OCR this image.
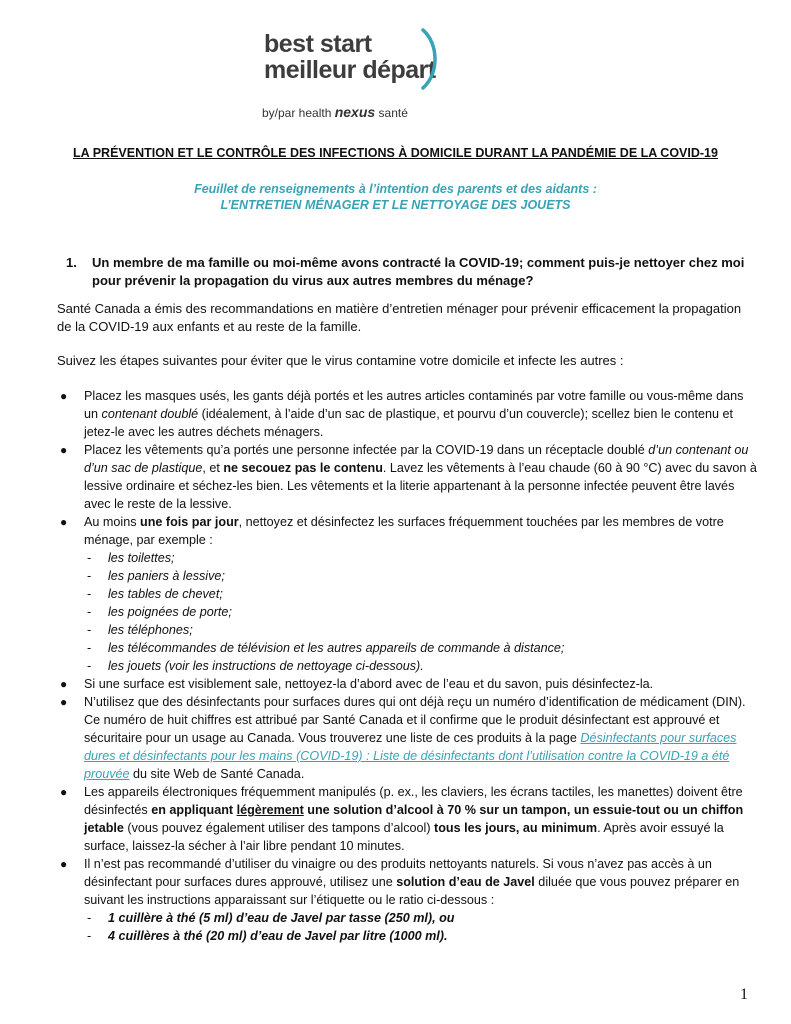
best start
meilleur départ
by/par health nexus santé
LA PRÉVENTION ET LE CONTRÔLE DES INFECTIONS À DOMICILE DURANT LA PANDÉMIE DE LA COVID-19
Feuillet de renseignements à l’intention des parents et des aidants :
L’ENTRETIEN MÉNAGER ET LE NETTOYAGE DES JOUETS
1. Un membre de ma famille ou moi-même avons contracté la COVID-19; comment puis-je nettoyer chez moi pour prévenir la propagation du virus aux autres membres du ménage?
Santé Canada a émis des recommandations en matière d’entretien ménager pour prévenir efficacement la propagation de la COVID-19 aux enfants et au reste de la famille.
Suivez les étapes suivantes pour éviter que le virus contamine votre domicile et infecte les autres :
● Placez les masques usés, les gants déjà portés et les autres articles contaminés par votre famille ou vous-même dans un contenant doublé (idéalement, à l’aide d’un sac de plastique, et pourvu d’un couvercle); scellez bien le contenu et jetez-le avec les autres déchets ménagers.
● Placez les vêtements qu’a portés une personne infectée par la COVID-19 dans un réceptacle doublé d’un contenant ou d’un sac de plastique, et ne secouez pas le contenu. Lavez les vêtements à l’eau chaude (60 à 90 °C) avec du savon à lessive ordinaire et séchez-les bien. Les vêtements et la literie appartenant à la personne infectée peuvent être lavés avec le reste de la lessive.
● Au moins une fois par jour, nettoyez et désinfectez les surfaces fréquemment touchées par les membres de votre ménage, par exemple :
- les toilettes;
- les paniers à lessive;
- les tables de chevet;
- les poignées de porte;
- les téléphones;
- les télécommandes de télévision et les autres appareils de commande à distance;
- les jouets (voir les instructions de nettoyage ci-dessous).
● Si une surface est visiblement sale, nettoyez-la d’abord avec de l’eau et du savon, puis désinfectez-la.
● N’utilisez que des désinfectants pour surfaces dures qui ont déjà reçu un numéro d’identification de médicament (DIN). Ce numéro de huit chiffres est attribué par Santé Canada et il confirme que le produit désinfectant est approuvé et sécuritaire pour un usage au Canada. Vous trouverez une liste de ces produits à la page Désinfectants pour surfaces dures et désinfectants pour les mains (COVID-19) : Liste de désinfectants dont l’utilisation contre la COVID-19 a été prouvée du site Web de Santé Canada.
● Les appareils électroniques fréquemment manipulés (p. ex., les claviers, les écrans tactiles, les manettes) doivent être désinfectés en appliquant légèrement une solution d’alcool à 70 % sur un tampon, un essuie-tout ou un chiffon jetable (vous pouvez également utiliser des tampons d’alcool) tous les jours, au minimum. Après avoir essuyé la surface, laissez-la sécher à l’air libre pendant 10 minutes.
● Il n’est pas recommandé d’utiliser du vinaigre ou des produits nettoyants naturels. Si vous n’avez pas accès à un désinfectant pour surfaces dures approuvé, utilisez une solution d’eau de Javel diluée que vous pouvez préparer en suivant les instructions apparaissant sur l’étiquette ou le ratio ci-dessous :
- 1 cuillère à thé (5 ml) d’eau de Javel par tasse (250 ml), ou
- 4 cuillères à thé (20 ml) d’eau de Javel par litre (1000 ml).
1
